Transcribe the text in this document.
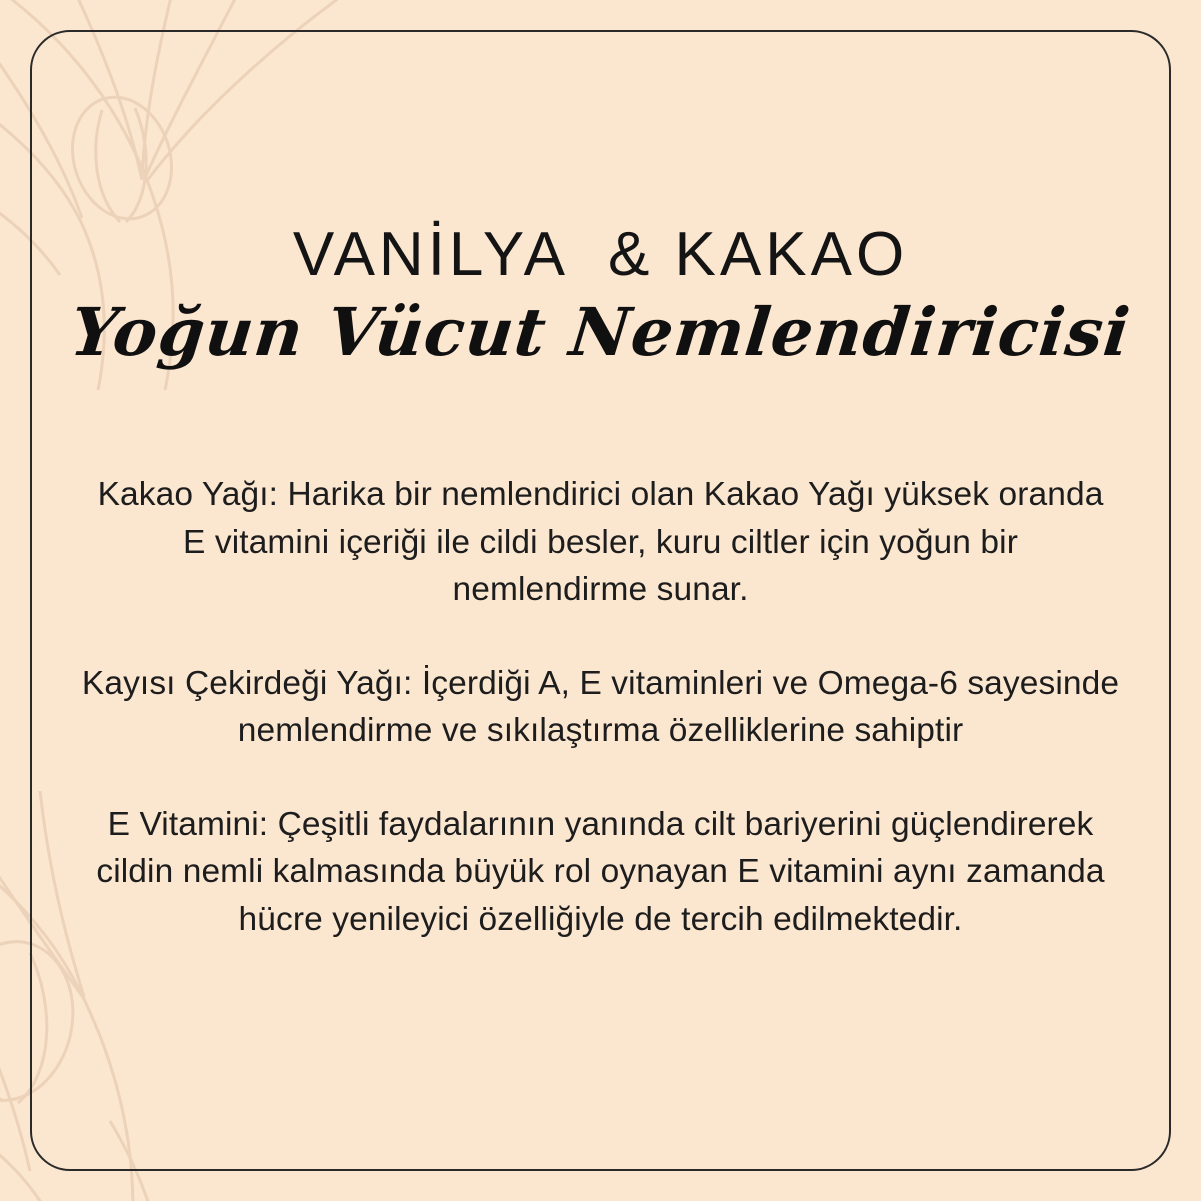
VANİLYA  & KAKAO
Yoğun Vücut Nemlendiricisi

Kakao Yağı: Harika bir nemlendirici olan Kakao Yağı yüksek oranda E vitamini içeriği ile cildi besler, kuru ciltler için yoğun bir nemlendirme sunar.

Kayısı Çekirdeği Yağı: İçerdiği A, E vitaminleri ve Omega-6 sayesinde nemlendirme ve sıkılaştırma özelliklerine sahiptir

E Vitamini: Çeşitli faydalarının yanında cilt bariyerini güçlendirerek cildin nemli kalmasında büyük rol oynayan E vitamini aynı zamanda hücre yenileyici özelliğiyle de tercih edilmektedir.
